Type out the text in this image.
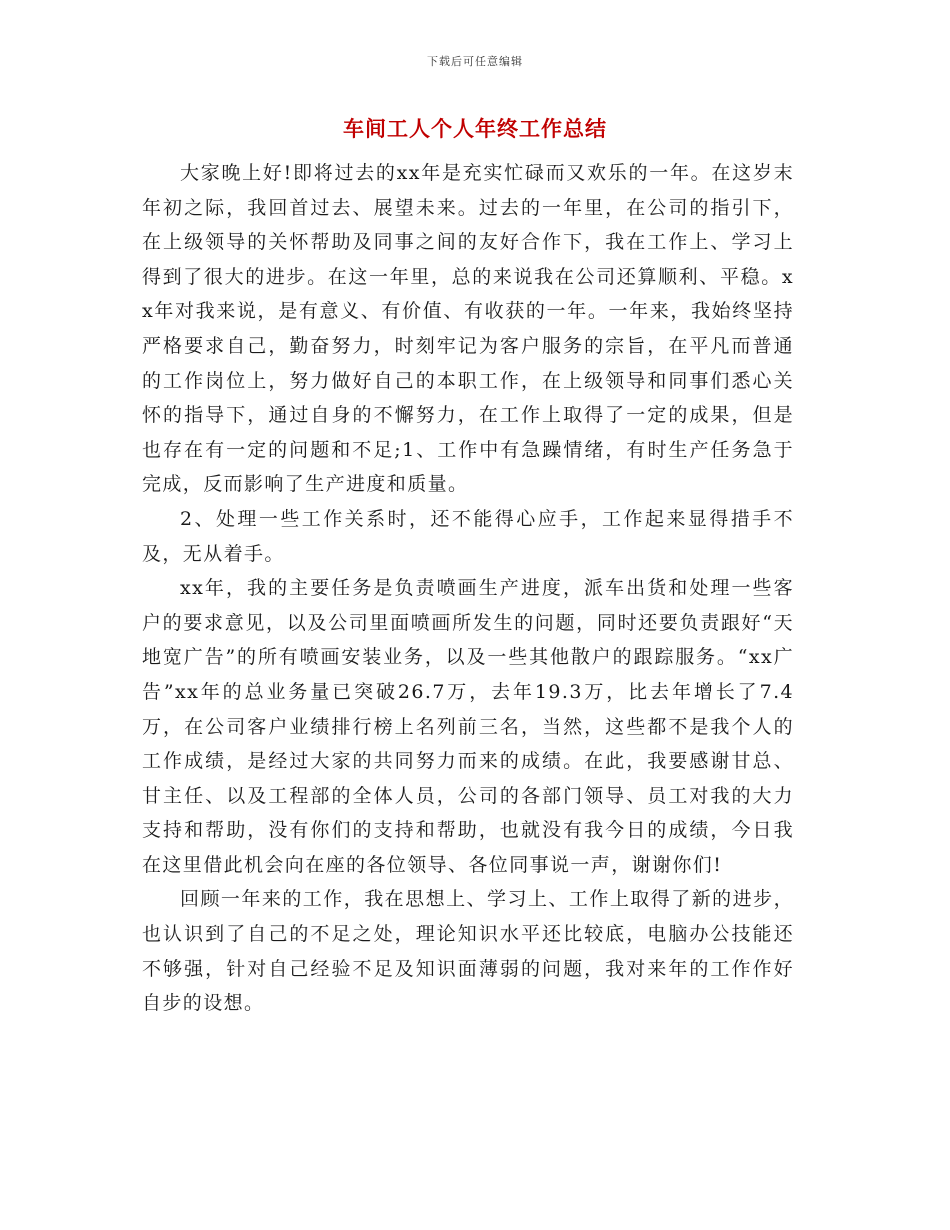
下载后可任意编辑
车间工人个人年终工作总结

大家晚上好!即将过去的xx年是充实忙碌而又欢乐的一年。在这岁末年初之际，我回首过去、展望未来。过去的一年里，在公司的指引下，在上级领导的关怀帮助及同事之间的友好合作下，我在工作上、学习上得到了很大的进步。在这一年里，总的来说我在公司还算顺利、平稳。xx年对我来说，是有意义、有价值、有收获的一年。一年来，我始终坚持严格要求自己，勤奋努力，时刻牢记为客户服务的宗旨，在平凡而普通的工作岗位上，努力做好自己的本职工作，在上级领导和同事们悉心关怀的指导下，通过自身的不懈努力，在工作上取得了一定的成果，但是也存在有一定的问题和不足;1、工作中有急躁情绪，有时生产任务急于完成，反而影响了生产进度和质量。

2、处理一些工作关系时，还不能得心应手，工作起来显得措手不及，无从着手。

xx年，我的主要任务是负责喷画生产进度，派车出货和处理一些客户的要求意见，以及公司里面喷画所发生的问题，同时还要负责跟好“天地宽广告”的所有喷画安装业务，以及一些其他散户的跟踪服务。“xx广告”xx年的总业务量已突破26.7万，去年19.3万，比去年增长了7.4万，在公司客户业绩排行榜上名列前三名，当然，这些都不是我个人的工作成绩，是经过大家的共同努力而来的成绩。在此，我要感谢甘总、甘主任、以及工程部的全体人员，公司的各部门领导、员工对我的大力支持和帮助，没有你们的支持和帮助，也就没有我今日的成绩，今日我在这里借此机会向在座的各位领导、各位同事说一声，谢谢你们!

回顾一年来的工作，我在思想上、学习上、工作上取得了新的进步，也认识到了自己的不足之处，理论知识水平还比较底，电脑办公技能还不够强，针对自己经验不足及知识面薄弱的问题，我对来年的工作作好自步的设想。
